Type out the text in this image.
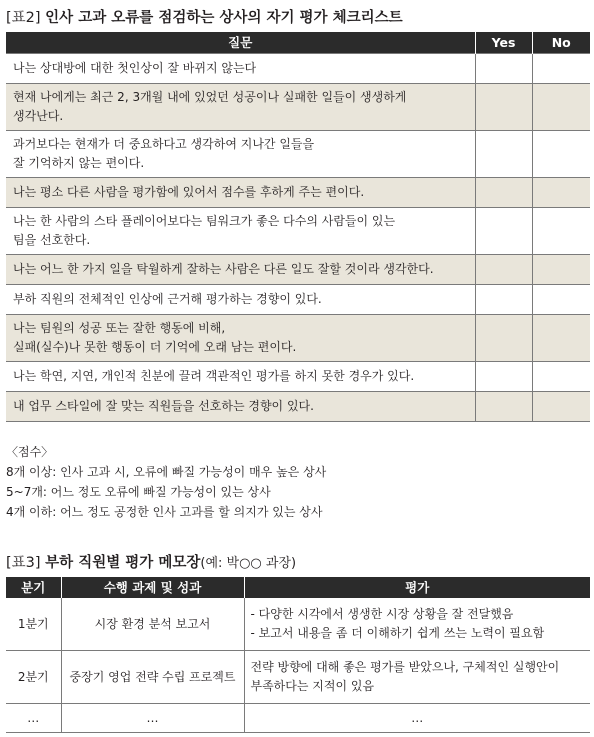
[표2] 인사 고과 오류를 점검하는 상사의 자기 평가 체크리스트
질문	Yes	No

나는 상대방에 대한 첫인상이 잘 바뀌지 않는다		

현재 나에게는 최근 2, 3개월 내에 있었던 성공이나 실패한 일들이 생생하게
생각난다.		

과거보다는 현재가 더 중요하다고 생각하여 지나간 일들을
잘 기억하지 않는 편이다.		

나는 평소 다른 사람을 평가함에 있어서 점수를 후하게 주는 편이다.		

나는 한 사람의 스타 플레이어보다는 팀워크가 좋은 다수의 사람들이 있는
팀을 선호한다.		

나는 어느 한 가지 일을 탁월하게 잘하는 사람은 다른 일도 잘할 것이라 생각한다.		

부하 직원의 전체적인 인상에 근거해 평가하는 경향이 있다.		

나는 팀원의 성공 또는 잘한 행동에 비해,
실패(실수)나 못한 행동이 더 기억에 오래 남는 편이다.		

나는 학연, 지연, 개인적 친분에 끌려 객관적인 평가를 하지 못한 경우가 있다.		

내 업무 스타일에 잘 맞는 직원들을 선호하는 경향이 있다.		

〈점수〉
8개 이상: 인사 고과 시, 오류에 빠질 가능성이 매우 높은 상사
5~7개: 어느 정도 오류에 빠질 가능성이 있는 상사
4개 이하: 어느 정도 공정한 인사 고과를 할 의지가 있는 상사
[표3] 부하 직원별 평가 메모장(예: 박○○ 과장)
분기	수행 과제 및 성과	평가
1분기	시장 환경 분석 보고서	- 다양한 시각에서 생생한 시장 상황을 잘 전달했음
- 보고서 내용을 좀 더 이해하기 쉽게 쓰는 노력이 필요함

2분기	중장기 영업 전략 수립 프로젝트	전략 방향에 대해 좋은 평가를 받았으나, 구체적인 실행안이
부족하다는 지적이 있음

…	…	…
